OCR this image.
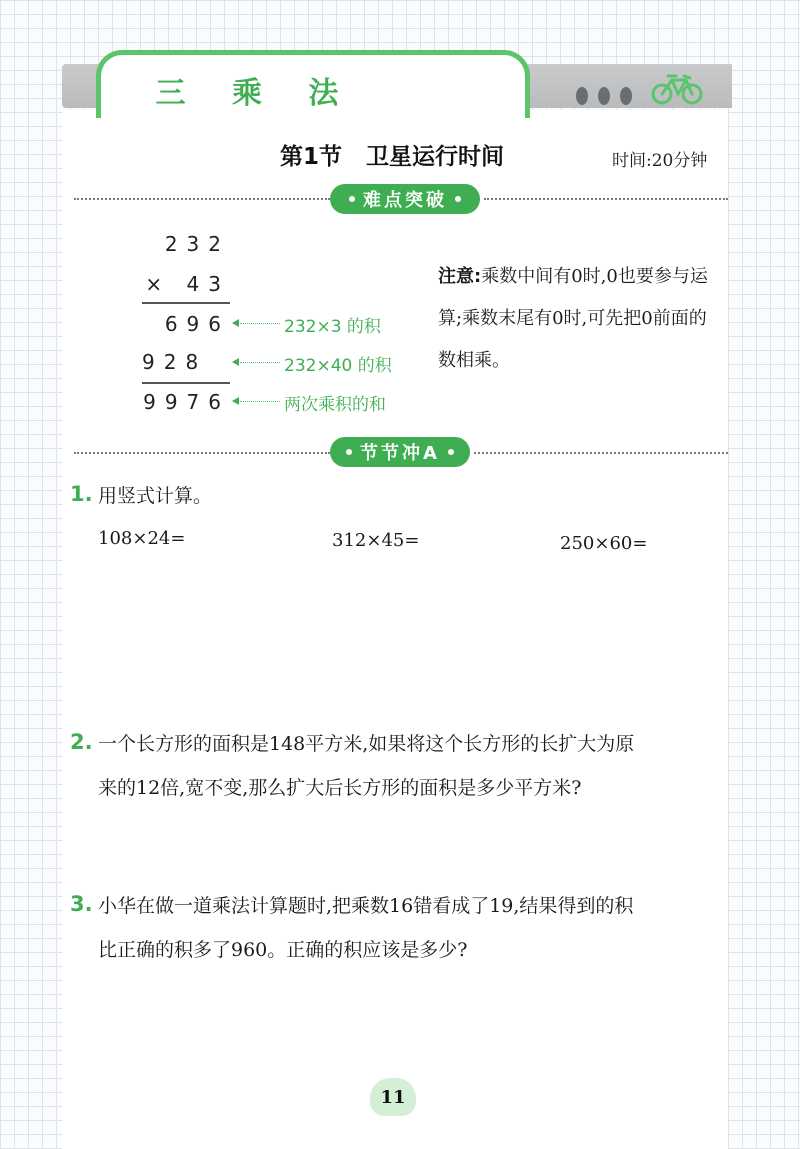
三 乘 法
第1节   卫星运行时间	时间:20分钟
难点突破
232
× 43
696
928
9976
232×3 的积
232×40 的积
两次乘积的和
注意:乘数中间有0时,0也要参与运算;乘数末尾有0时,可先把0前面的数相乘。
节节冲A
1. 用竖式计算。
108×24=	312×45=	250×60=
2. 一个长方形的面积是148平方米,如果将这个长方形的长扩大为原
来的12倍,宽不变,那么扩大后长方形的面积是多少平方米?
3. 小华在做一道乘法计算题时,把乘数16错看成了19,结果得到的积
比正确的积多了960。正确的积应该是多少?
11
